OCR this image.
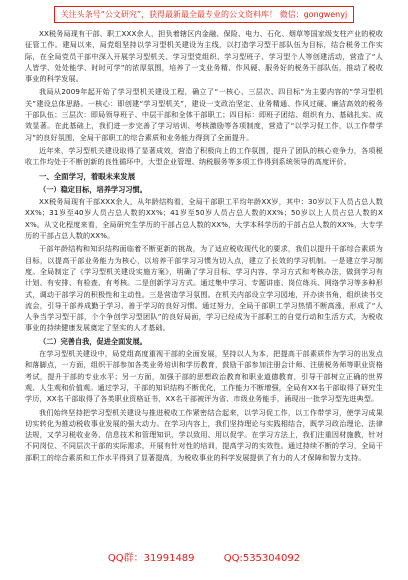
关注头条号“公文研究”，获得最新最全最专业的公文资料库！ 微信：gongwenyj

XX税务局现有干部、职工XXX余人，担负着辖区内金融、保险、电力、石化、烟草等国家级支柱产业的税收征管工作。建局以来，局党组坚持以学习型机关建设为主线，以打造学习型干部队伍为目标，结合税务工作实际，在全局党员干部中深入开展学习型机关、学习型党组织、学习型班子、学习型个人等创建活动，营造了“人人皆学、处处能学、时时可学”的浓厚氛围，培养了一支业务精、作风硬、服务好的税务干部队伍，推动了税收事业的科学发展。

我局从2009年起开始了学习型机关建设工程，确立了“一核心、三层次、四目标”为主要内容的“学习型机关”建设总体思路。一核心：即创建“学习型机关”，建设一支政治坚定、业务精通、作风过硬、廉洁高效的税务干部队伍；三层次：即局领导班子、中层干部和全体干部职工；四目标：即班子团结、组织有力、基础扎实、成效显著。在此基础上，我们进一步完善了学习培训、考核激励等各项制度，营造了“以学习促工作，以工作带学习”的良好氛围，全局干部职工的综合素质和业务能力得到了全面提升。

近年来，学习型机关建设取得了显著成效，营造了积极向上的工作氛围，提升了团队的核心竞争力，各项税收工作均处于不断创新的良性循环中，大型企业管理、纳税服务等多项工作得到系统领导的高度评价。

一、全面学习，着眼未来发展
（一）稳定目标，培养学习习惯。

XX税务局现有干部XXX余人，从年龄结构看，全局干部职工平均年龄XX岁，其中：30岁以下人员占总人数XX%；31岁至40岁人员占总人数的XX%；41岁至50岁人员占总人数的XX%；50岁以上人员占总人数的XX%。从文化程度来看，全局研究生学历的干部占总人数的XX%，大学本科学历的干部占总人数的XX%，大专学历的干部占总人数的XX%。

干部年龄结构和知识结构面临着不断更新的挑战，为了适应税收现代化的要求，我们以提升干部综合素质为目标，以提高干部业务能力为核心，以培养干部学习习惯为切入点，建立了长效的学习机制。一是建立学习制度。全局制定了《学习型机关建设实施方案》，明确了学习目标、学习内容、学习方式和考核办法，做到学习有计划、有安排、有检查、有考核。二是创新学习方式。通过集中学习、专题讲座、岗位练兵、网络学习等多种形式，调动干部学习的积极性和主动性。三是营造学习氛围。在机关内部设立学习园地，开办读书角，组织读书交流会，引导干部养成勤于学习、善于学习的良好习惯。通过努力，全局干部职工学习热情不断高涨，形成了“人人争当学习型干部，个个争创学习型团队”的良好局面，学习已经成为干部职工的自觉行动和生活方式，为税收事业的持续健康发展奠定了坚实的人才基础。

（二）完善自我，促进全面发展。

在学习型机关建设中，局党组高度重视干部的全面发展，坚持以人为本，把提高干部素质作为学习的出发点和落脚点，一方面，组织干部参加各类业务培训和学历教育，鼓励干部参加注册会计师、注册税务师等职业资格考试，提升干部的专业水平；另一方面，加强干部的思想政治教育和职业道德教育，引导干部树立正确的世界观、人生观和价值观。通过学习，干部的知识结构不断优化，工作能力不断增强，全局有XX名干部取得了研究生学历，XX名干部取得了各类职业资格证书，XX名干部被评为省、市级业务能手，涌现出一批学习型先进典型。

我们始终坚持把学习型机关建设与推进税收工作紧密结合起来，以学习促工作，以工作带学习，使学习成果切实转化为推动税收事业发展的强大动力。在学习内容上，我们坚持理论与实践相结合，既学习政治理论、法律法规，又学习税收业务、信息技术和管理知识，学以致用、用以促学。在学习方法上，我们注重因材施教，针对不同岗位、不同层次干部的实际需求，开展有针对性的培训，提高学习的实效性。通过持续不断的学习，全局干部职工的综合素质和工作水平得到了显著提高，为税收事业的科学发展提供了有力的人才保障和智力支持。

QQ群：31991489	QQ:535304092
